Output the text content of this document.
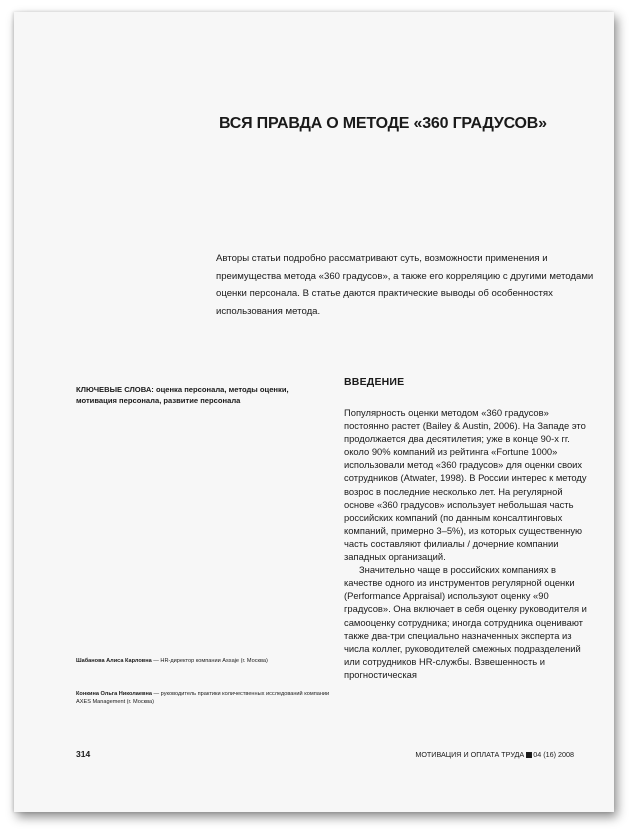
ВСЯ ПРАВДА О МЕТОДЕ «360 ГРАДУСОВ»

Авторы статьи подробно рассматривают суть, возможности применения и преимущества метода «360 градусов», а также его корреляцию с другими методами оценки персонала. В статье даются практические выводы об особенностях использования метода.

КЛЮЧЕВЫЕ СЛОВА: оценка персонала, методы оценки, мотивация персонала, развитие персонала

ВВЕДЕНИЕ

Популярность оценки методом «360 градусов» постоянно растет (Bailey & Austin, 2006). На Западе это продолжается два десятилетия; уже в конце 90-х гг. около 90% компаний из рейтинга «Fortune 1000» использовали метод «360 градусов» для оценки своих сотрудников (Atwater, 1998). В России интерес к методу возрос в последние несколько лет. На регулярной основе «360 градусов» использует небольшая часть российских компаний (по данным консалтинговых компаний, примерно 3–5%), из которых существенную часть составляют филиалы / дочерние компании западных организаций.

Значительно чаще в российских компаниях в качестве одного из инструментов регулярной оценки (Performance Appraisal) используют оценку «90 градусов». Она включает в себя оценку руководителя и самооценку сотрудника; иногда сотрудника оценивают также два-три специально назначенных эксперта из числа коллег, руководителей смежных подразделений или сотрудников HR-службы. Взвешенность и прогностическая

Шабанова Алиса Карловна — HR-директор компании Assaje (г. Москва)

Конкина Ольга Николаевна — руководитель практики количественных исследований компании AXES Management (г. Москва)

314	МОТИВАЦИЯ И ОПЛАТА ТРУДА 04 (16) 2008
